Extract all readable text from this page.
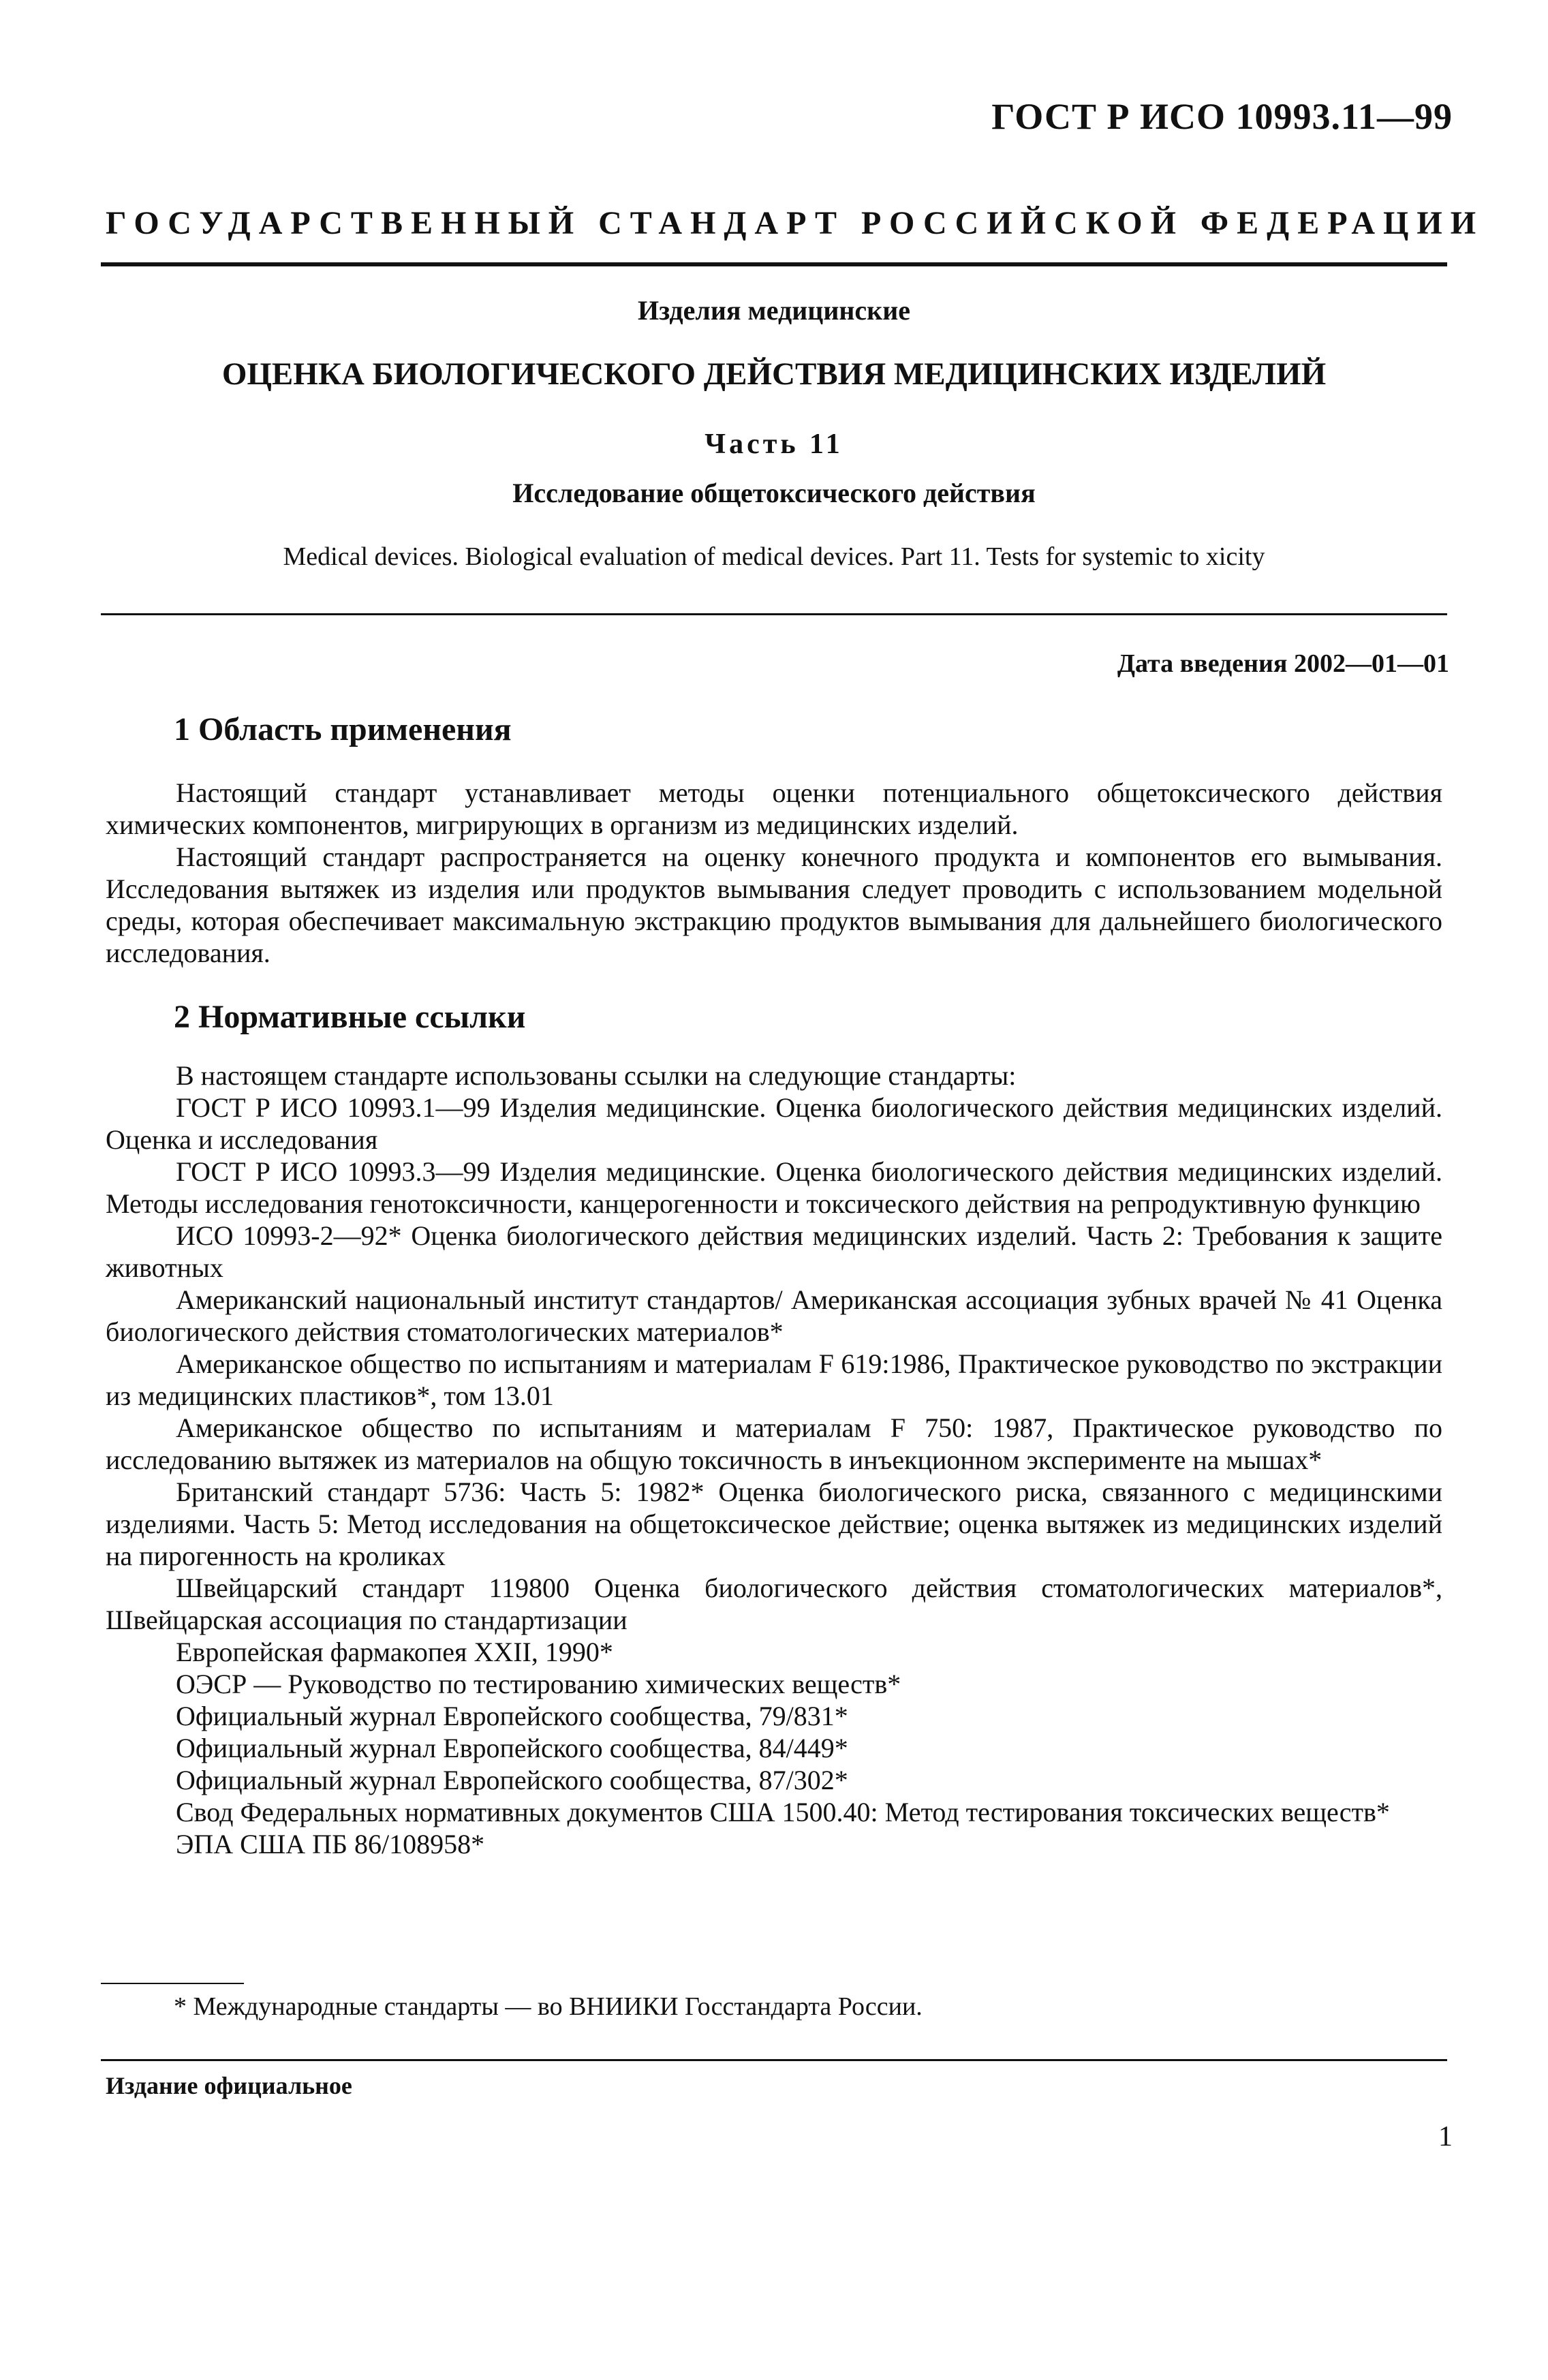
ГОСТ Р ИСО 10993.11—99
ГОСУДАРСТВЕННЫЙ СТАНДАРТ РОССИЙСКОЙ ФЕДЕРАЦИИ
Изделия медицинские
ОЦЕНКА БИОЛОГИЧЕСКОГО ДЕЙСТВИЯ МЕДИЦИНСКИХ ИЗДЕЛИЙ
Часть 11
Исследование общетоксического действия
Medical devices. Biological evaluation of medical devices. Part 11. Tests for systemic to xicity
Дата введения 2002—01—01
1 Область применения

Настоящий стандарт устанавливает методы оценки потенциального общетоксического действия химических компонентов, мигрирующих в организм из медицинских изделий.

Настоящий стандарт распространяется на оценку конечного продукта и компонентов его вымывания. Исследования вытяжек из изделия или продуктов вымывания следует проводить с использованием модельной среды, которая обеспечивает максимальную экстракцию продуктов вымывания для дальнейшего биологического исследования.

2 Нормативные ссылки

В настоящем стандарте использованы ссылки на следующие стандарты:

ГОСТ Р ИСО 10993.1—99 Изделия медицинские. Оценка биологического действия медицинских изделий. Оценка и исследования

ГОСТ Р ИСО 10993.3—99 Изделия медицинские. Оценка биологического действия медицинских изделий. Методы исследования генотоксичности, канцерогенности и токсического действия на репродуктивную функцию

ИСО 10993-2—92* Оценка биологического действия медицинских изделий. Часть 2: Требования к защите животных

Американский национальный институт стандартов/ Американская ассоциация зубных врачей № 41 Оценка биологического действия стоматологических материалов*

Американское общество по испытаниям и материалам F 619:1986, Практическое руководство по экстракции из медицинских пластиков*, том 13.01

Американское общество по испытаниям и материалам F 750: 1987, Практическое руководство по исследованию вытяжек из материалов на общую токсичность в инъекционном эксперименте на мышах*

Британский стандарт 5736: Часть 5: 1982* Оценка биологического риска, связанного с медицинскими изделиями. Часть 5: Метод исследования на общетоксическое действие; оценка вытяжек из медицинских изделий на пирогенность на кроликах

Швейцарский стандарт 119800 Оценка биологического действия стоматологических материалов*, Швейцарская ассоциация по стандартизации

Европейская фармакопея XXII, 1990*

ОЭСР — Руководство по тестированию химических веществ*

Официальный журнал Европейского сообщества, 79/831*

Официальный журнал Европейского сообщества, 84/449*

Официальный журнал Европейского сообщества, 87/302*

Свод Федеральных нормативных документов США 1500.40: Метод тестирования токсических веществ*

ЭПА США ПБ 86/108958*

* Международные стандарты — во ВНИИКИ Госстандарта России.
Издание официальное
1
